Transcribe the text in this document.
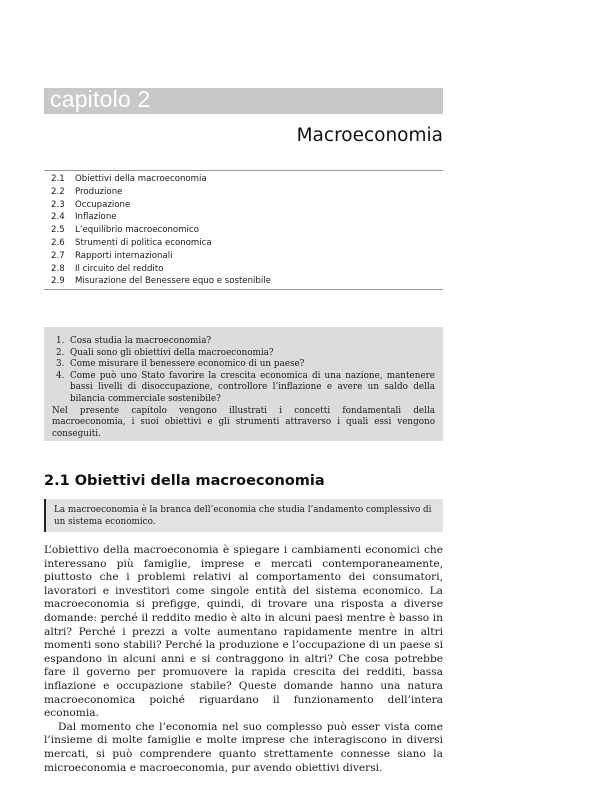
capitolo 2
Macroeconomia
2.1 Obiettivi della macroeconomia
2.2 Produzione
2.3 Occupazione
2.4 Inflazione
2.5 L’equilibrio macroeconomico
2.6 Strumenti di politica economica
2.7 Rapporti internazionali
2.8 Il circuito del reddito
2.9 Misurazione del Benessere equo e sostenibile
1. Cosa studia la macroeconomia?
2. Quali sono gli obiettivi della macroeconomia?
3. Come misurare il benessere economico di un paese?
4. Come può uno Stato favorire la crescita economica di una nazione, mantenere bassi livelli di disoccupazione, controllore l’inflazione e avere un saldo della bilancia commerciale sostenibile?

Nel presente capitolo vengono illustrati i concetti fondamentali della macroeconomia, i suoi obiettivi e gli strumenti attraverso i quali essi vengono conseguiti.

2.1 Obiettivi della macroeconomia
La macroeconomia è la branca dell’economia che studia l’andamento complessivo di un sistema economico.

L’obiettivo della macroeconomia è spiegare i cambiamenti economici che interessano più famiglie, imprese e mercati contemporaneamente, piuttosto che i problemi relativi al comportamento dei consumatori, lavoratori e investitori come singole entità del sistema economico. La macroeconomia si prefigge, quindi, di trovare una risposta a diverse domande: perché il reddito medio è alto in alcuni paesi mentre è basso in altri? Perché i prezzi a volte aumentano rapidamente mentre in altri momenti sono stabili? Perché la produzione e l’occupazione di un paese si espandono in alcuni anni e si contraggono in altri? Che cosa potrebbe fare il governo per promuovere la rapida crescita dei redditi, bassa inflazione e occupazione stabile? Queste domande hanno una natura macroeconomica poiché riguardano il funzionamento dell’intera economia.

Dal momento che l’economia nel suo complesso può esser vista come l’insieme di molte famiglie e molte imprese che interagiscono in diversi mercati, si può comprendere quanto strettamente connesse siano la microeconomia e macroeconomia, pur avendo obiettivi diversi.
